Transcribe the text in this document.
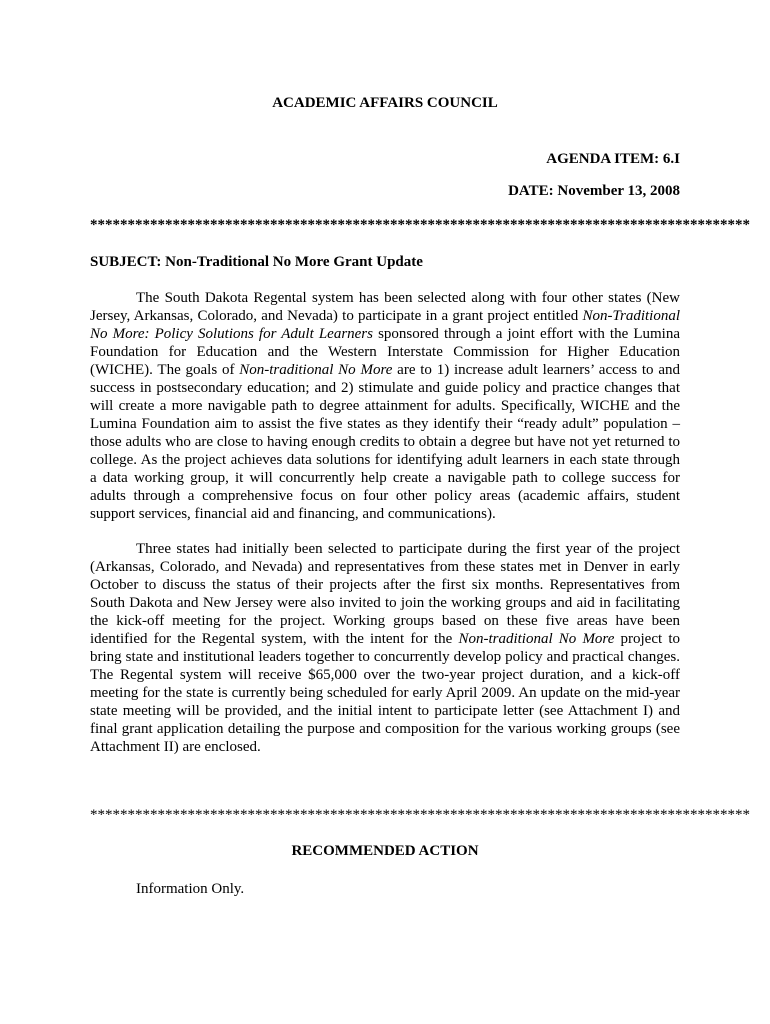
ACADEMIC AFFAIRS COUNCIL
AGENDA ITEM: 6.I
DATE: November 13, 2008
****************************************************************************************
SUBJECT: Non-Traditional No More Grant Update

The South Dakota Regental system has been selected along with four other states (New Jersey, Arkansas, Colorado, and Nevada) to participate in a grant project entitled Non-Traditional No More: Policy Solutions for Adult Learners sponsored through a joint effort with the Lumina Foundation for Education and the Western Interstate Commission for Higher Education (WICHE). The goals of Non-traditional No More are to 1) increase adult learners’ access to and success in postsecondary education; and 2) stimulate and guide policy and practice changes that will create a more navigable path to degree attainment for adults. Specifically, WICHE and the Lumina Foundation aim to assist the five states as they identify their “ready adult” population – those adults who are close to having enough credits to obtain a degree but have not yet returned to college. As the project achieves data solutions for identifying adult learners in each state through a data working group, it will concurrently help create a navigable path to college success for adults through a comprehensive focus on four other policy areas (academic affairs, student support services, financial aid and financing, and communications).

Three states had initially been selected to participate during the first year of the project (Arkansas, Colorado, and Nevada) and representatives from these states met in Denver in early October to discuss the status of their projects after the first six months. Representatives from South Dakota and New Jersey were also invited to join the working groups and aid in facilitating the kick-off meeting for the project. Working groups based on these five areas have been identified for the Regental system, with the intent for the Non-traditional No More project to bring state and institutional leaders together to concurrently develop policy and practical changes. The Regental system will receive $65,000 over the two-year project duration, and a kick-off meeting for the state is currently being scheduled for early April 2009. An update on the mid-year state meeting will be provided, and the initial intent to participate letter (see Attachment I) and final grant application detailing the purpose and composition for the various working groups (see Attachment II) are enclosed.

****************************************************************************************
RECOMMENDED ACTION
Information Only.
